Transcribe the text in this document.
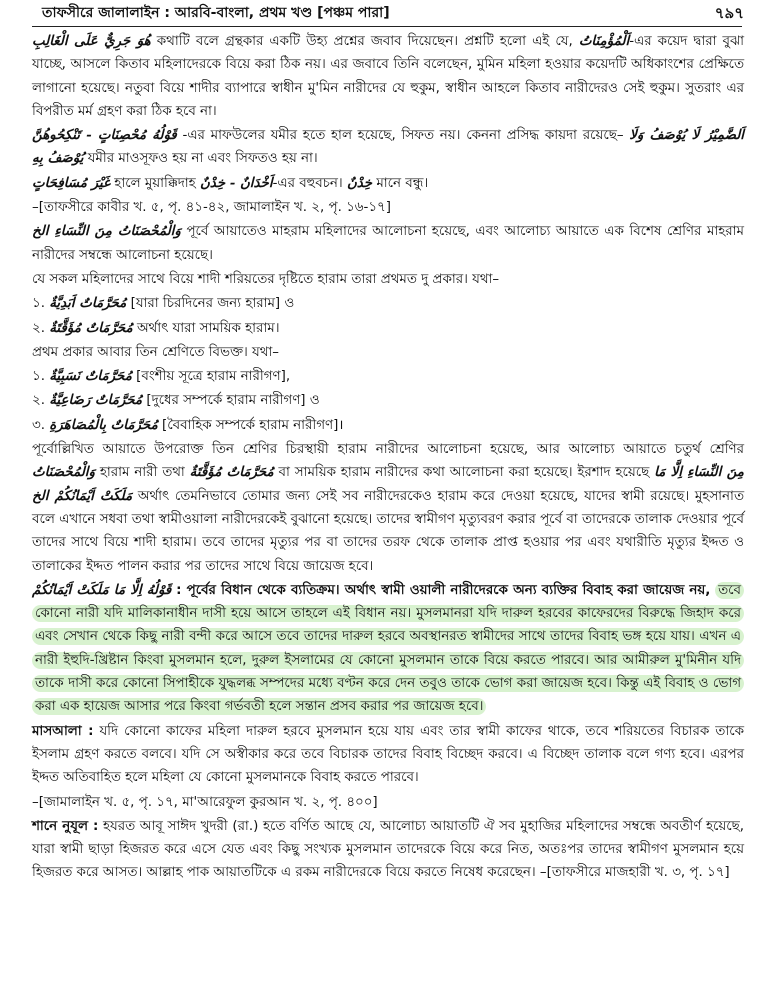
তাফসীরে জালালাইন : আরবি-বাংলা, প্রথম খণ্ড [পঞ্চম পারা]	৭৯৭

هُوَ جَرِيٌّ عَلَى الْغَالِبِ কথাটি বলে গ্রন্থকার একটি উহ্য প্রশ্নের জবাব দিয়েছেন। প্রশ্নটি হলো এই যে, اَلْمُؤْمِنَاتُ-এর কয়েদ দ্বারা বুঝা যাচ্ছে, আসলে কিতাব মহিলাদেরকে বিয়ে করা ঠিক নয়। এর জবাবে তিনি বলেছেন, মুমিন মহিলা হওয়ার কয়েদটি অধিকাংশের প্রেক্ষিতে লাগানো হয়েছে। নতুবা বিয়ে শাদীর ব্যাপারে স্বাধীন মু'মিন নারীদের যে হুকুম, স্বাধীন আহলে কিতাব নারীদেরও সেই হুকুম। সুতরাং এর বিপরীত মর্ম গ্রহণ করা ঠিক হবে না।

قَوْلُهُ مُحْصِنَاتٍ - تَنْكِحُوهُنَّ -এর মাফউলের যমীর হতে হাল হয়েছে, সিফত নয়। কেননা প্রসিদ্ধ কায়দা রয়েছে– اَلضَّمِيْرُ لَا يُوْصَفُ وَلَا يُوْصَفُ بِهِ যমীর মাওসূফও হয় না এবং সিফতও হয় না।

غَيْرَ مُسَافِحَاتٍ হালে মুয়াক্কিদাহ اَخْدَانٌ - خِدْنٌ-এর বহুবচন। خِدْنٌ মানে বন্ধু।

–[তাফসীরে কাবীর খ. ৫, পৃ. ৪১-৪২, জামালাইন খ. ২, পৃ. ১৬-১৭]

وَالْمُحْصَنَاتُ مِنَ النِّسَاءِ الخ পূর্বে আয়াতেও মাহরাম মহিলাদের আলোচনা হয়েছে, এবং আলোচ্য আয়াতে এক বিশেষ শ্রেণির মাহরাম নারীদের সম্বন্ধে আলোচনা হয়েছে।

যে সকল মহিলাদের সাথে বিয়ে শাদী শরিয়তের দৃষ্টিতে হারাম তারা প্রথমত দু প্রকার। যথা–

১. مُحَرَّمَاتٌ اَبَدِيَّةٌ [যারা চিরদিনের জন্য হারাম] ও

২. مُحَرَّمَاتٌ مُؤَقَّتَةٌ অর্থাৎ যারা সাময়িক হারাম।

প্রথম প্রকার আবার তিন শ্রেণিতে বিভক্ত। যথা–

১. مُحَرَّمَاتٌ نَسَبِيَّةٌ [বংশীয় সূত্রে হারাম নারীগণ],

২. مُحَرَّمَاتٌ رَضَاعِيَّةٌ [দুধের সম্পর্কে হারাম নারীগণ] ও

৩. مُحَرَّمَاتٌ بِالْمُصَاهَرَةِ [বৈবাহিক সম্পর্কে হারাম নারীগণ]।

পূর্বোল্লিখিত আয়াতে উপরোক্ত তিন শ্রেণির চিরস্থায়ী হারাম নারীদের আলোচনা হয়েছে, আর আলোচ্য আয়াতে চতুর্থ শ্রেণির وَالْمُحْصَنَاتُ হারাম নারী তথা مُحَرَّمَاتٌ مُؤَقَّتَةٌ বা সাময়িক হারাম নারীদের কথা আলোচনা করা হয়েছে। ইরশাদ হয়েছে مِنَ النِّسَاءِ اِلَّا مَا مَلَكَتْ اَيْمَانُكُمْ الخ অর্থাৎ তেমনিভাবে তোমার জন্য সেই সব নারীদেরকেও হারাম করে দেওয়া হয়েছে, যাদের স্বামী রয়েছে। মুহসানাত বলে এখানে সধবা তথা স্বামীওয়ালা নারীদেরকেই বুঝানো হয়েছে। তাদের স্বামীগণ মৃত্যুবরণ করার পূর্বে বা তাদেরকে তালাক দেওয়ার পূর্বে তাদের সাথে বিয়ে শাদী হারাম। তবে তাদের মৃত্যুর পর বা তাদের তরফ থেকে তালাক প্রাপ্ত হওয়ার পর এবং যথারীতি মৃত্যুর ইদ্দত ও তালাকের ইদ্দত পালন করার পর তাদের সাথে বিয়ে জায়েজ হবে।

قَوْلُهُ اِلَّا مَا مَلَكَتْ اَيْمَانُكُمْ : পূর্বের বিধান থেকে ব্যতিক্রম। অর্থাৎ স্বামী ওয়ালী নারীদেরকে অন্য ব্যক্তির বিবাহ করা জায়েজ নয়, তবে কোনো নারী যদি মালিকানাধীন দাসী হয়ে আসে তাহলে এই বিধান নয়। মুসলমানরা যদি দারুল হরবের কাফেরদের বিরুদ্ধে জিহাদ করে এবং সেখান থেকে কিছু নারী বন্দী করে আসে তবে তাদের দারুল হরবে অবস্থানরত স্বামীদের সাথে তাদের বিবাহ ভঙ্গ হয়ে যায়। এখন এ নারী ইহুদি-খ্রিষ্টান কিংবা মুসলমান হলে, দুরুল ইসলামের যে কোনো মুসলমান তাকে বিয়ে করতে পারবে। আর আমীরুল মু'মিনীন যদি তাকে দাসী করে কোনো সিপাহীকে যুদ্ধলব্ধ সম্পদের মধ্যে বণ্টন করে দেন তবুও তাকে ভোগ করা জায়েজ হবে। কিন্তু এই বিবাহ ও ভোগ করা এক হায়েজ আসার পরে কিংবা গর্ভবতী হলে সন্তান প্রসব করার পর জায়েজ হবে।

মাসআলা : যদি কোনো কাফের মহিলা দারুল হরবে মুসলমান হয়ে যায় এবং তার স্বামী কাফের থাকে, তবে শরিয়তের বিচারক তাকে ইসলাম গ্রহণ করতে বলবে। যদি সে অস্বীকার করে তবে বিচারক তাদের বিবাহ বিচ্ছেদ করবে। এ বিচ্ছেদ তালাক বলে গণ্য হবে। এরপর ইদ্দত অতিবাহিত হলে মহিলা যে কোনো মুসলমানকে বিবাহ করতে পারবে।

–[জামালাইন খ. ৫, পৃ. ১৭, মা'আরেফুল কুরআন খ. ২, পৃ. ৪০০]

শানে নুযূল : হযরত আবূ সাঈদ খুদরী (রা.) হতে বর্ণিত আছে যে, আলোচ্য আয়াতটি ঐ সব মুহাজির মহিলাদের সম্বন্ধে অবতীর্ণ হয়েছে, যারা স্বামী ছাড়া হিজরত করে এসে যেত এবং কিছু সংখ্যক মুসলমান তাদেরকে বিয়ে করে নিত, অতঃপর তাদের স্বামীগণ মুসলমান হয়ে হিজরত করে আসত। আল্লাহ পাক আয়াতটিকে এ রকম নারীদেরকে বিয়ে করতে নিষেধ করেছেন। –[তাফসীরে মাজহারী খ. ৩, পৃ. ১৭]
